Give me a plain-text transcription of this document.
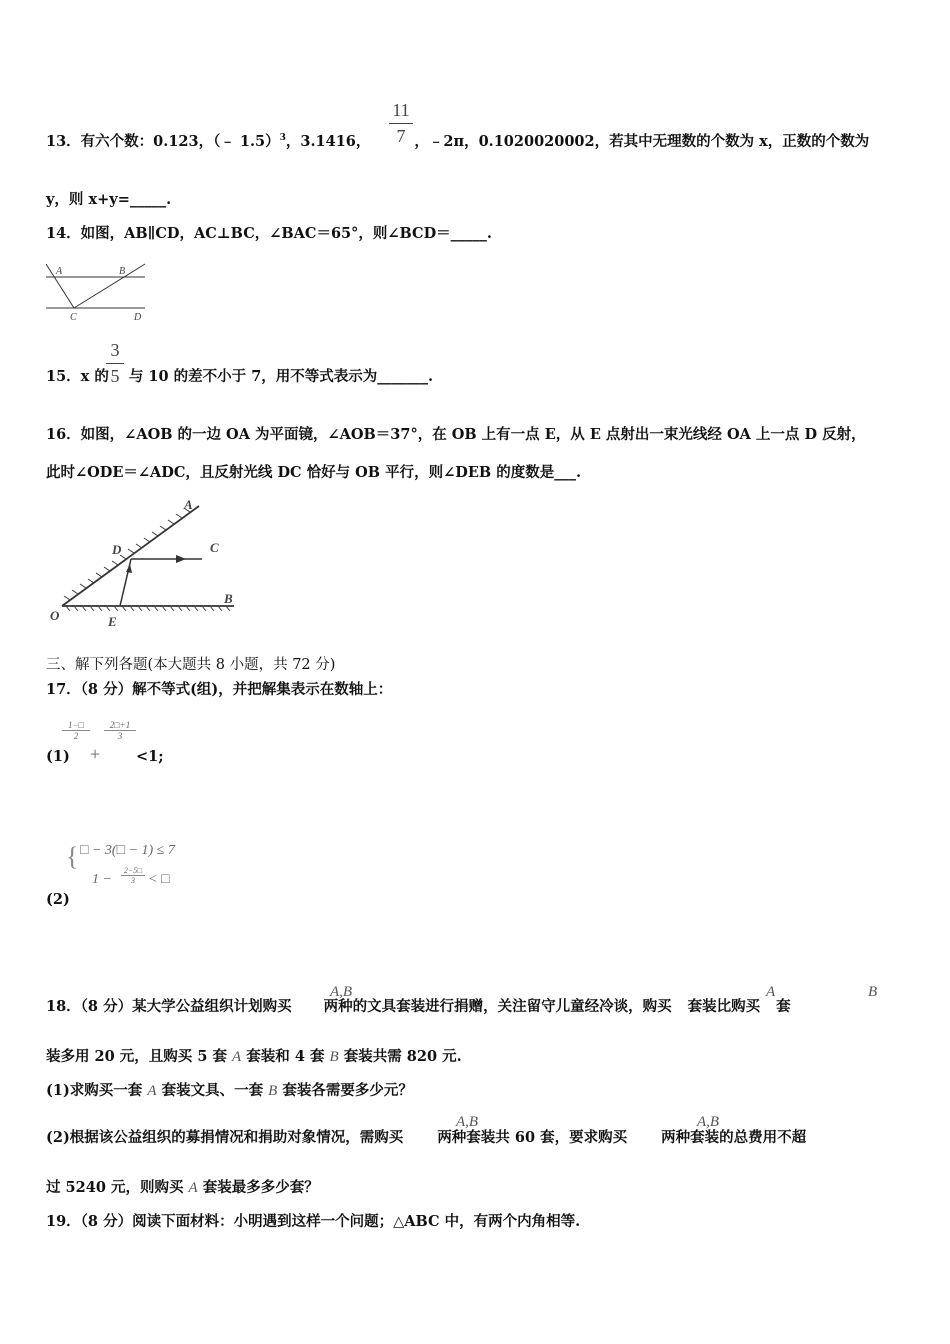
11
7
13．有六个数：0.123，（﹣ 1.5）$^3$，3.1416，	，﹣2π，0.1020020002，若其中无理数的个数为 x，正数的个数为
y，则 x+y=_____.
14．如图，AB∥CD，AC⊥BC，∠BAC＝65°，则∠BCD＝_____.
A	B
C	D
3
5
15．x 的 与 10 的差不小于 7，用不等式表示为_______.
16．如图，∠AOB 的一边 OA 为平面镜，∠AOB＝37°，在 OB 上有一点 E，从 E 点射出一束光线经 OA 上一点 D 反射，
此时∠ODE＝∠ADC，且反射光线 DC 恰好与 OB 平行，则∠DEB 的度数是___.
A
D	C
O	E
B
三、解下列各题(本大题共 8 小题，共 72 分)
17．（8 分）解不等式(组)，并把解集表示在数轴上：
1−□
2
2□+1
3
(1) + <1;
{ □ − 3(□ − 1) ≤ 7
1 −
2−5□
3 < □
(2)
A,B	A	B
18．（8 分）某大学公益组织计划购买 两种的文具套装进行捐赠，关注留守儿童经冷谈，购买 套装比购买 套
装多用 20 元，且购买 5 套 A 套装和 4 套 B 套装共需 820 元.
(1)求购买一套 A 套装文具、一套 B 套装各需要多少元？
A,B	A,B
(2)根据该公益组织的募捐情况和捐助对象情况，需购买 两种套装共 60 套，要求购买 两种套装的总费用不超
过 5240 元，则购买 A 套装最多多少套？
19．（8 分）阅读下面材料：小明遇到这样一个问题；△ABC 中，有两个内角相等.
